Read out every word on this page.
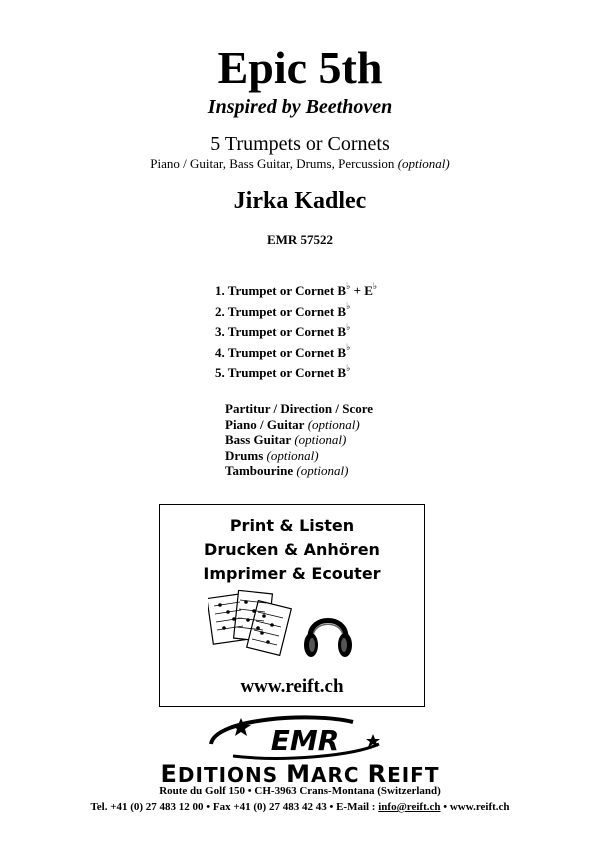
Epic 5th
Inspired by Beethoven
5 Trumpets or Cornets
Piano / Guitar, Bass Guitar, Drums, Percussion (optional)
Jirka Kadlec
EMR 57522
1. Trumpet or Cornet B♭ + E♭
2. Trumpet or Cornet B♭
3. Trumpet or Cornet B♭
4. Trumpet or Cornet B♭
5. Trumpet or Cornet B♭
Partitur / Direction / Score
Piano / Guitar (optional)
Bass Guitar (optional)
Drums (optional)
Tambourine (optional)
Print & Listen
Drucken & Anhören
Imprimer & Ecouter
www.reift.ch
EMR
EDITIONS MARC REIFT
Route du Golf 150 • CH-3963 Crans-Montana (Switzerland)
Tel. +41 (0) 27 483 12 00 • Fax +41 (0) 27 483 42 43 • E-Mail : info@reift.ch • www.reift.ch
